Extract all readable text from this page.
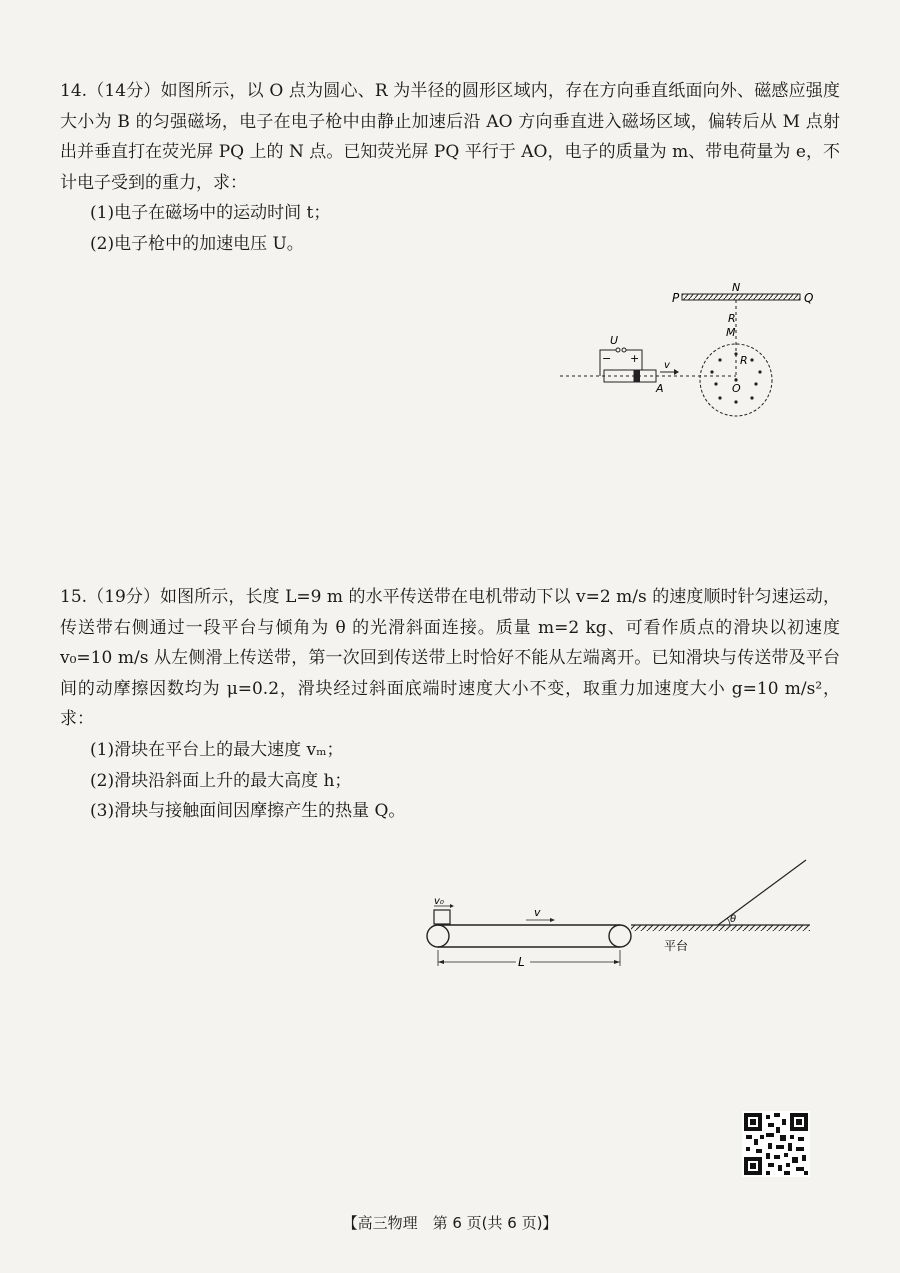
14.（14分）如图所示，以 O 点为圆心、R 为半径的圆形区域内，存在方向垂直纸面向外、磁感应强度大小为 B 的匀强磁场，电子在电子枪中由静止加速后沿 AO 方向垂直进入磁场区域，偏转后从 M 点射出并垂直打在荧光屏 PQ 上的 N 点。已知荧光屏 PQ 平行于 AO，电子的质量为 m、带电荷量为 e，不计电子受到的重力，求：

(1)电子在磁场中的运动时间 t；

(2)电子枪中的加速电压 U。

P	Q
N
R
M
R
O
U
− +
v
A

15.（19分）如图所示，长度 L=9 m 的水平传送带在电机带动下以 v=2 m/s 的速度顺时针匀速运动，传送带右侧通过一段平台与倾角为 θ 的光滑斜面连接。质量 m=2 kg、可看作质点的滑块以初速度 v₀=10 m/s 从左侧滑上传送带，第一次回到传送带上时恰好不能从左端离开。已知滑块与传送带及平台间的动摩擦因数均为 μ=0.2，滑块经过斜面底端时速度大小不变，取重力加速度大小 g=10 m/s²，求：

(1)滑块在平台上的最大速度 vₘ；

(2)滑块沿斜面上升的最大高度 h；

(3)滑块与接触面间因摩擦产生的热量 Q。

v₀
v
L
平台
θ
【高三物理　第 6 页(共 6 页)】
